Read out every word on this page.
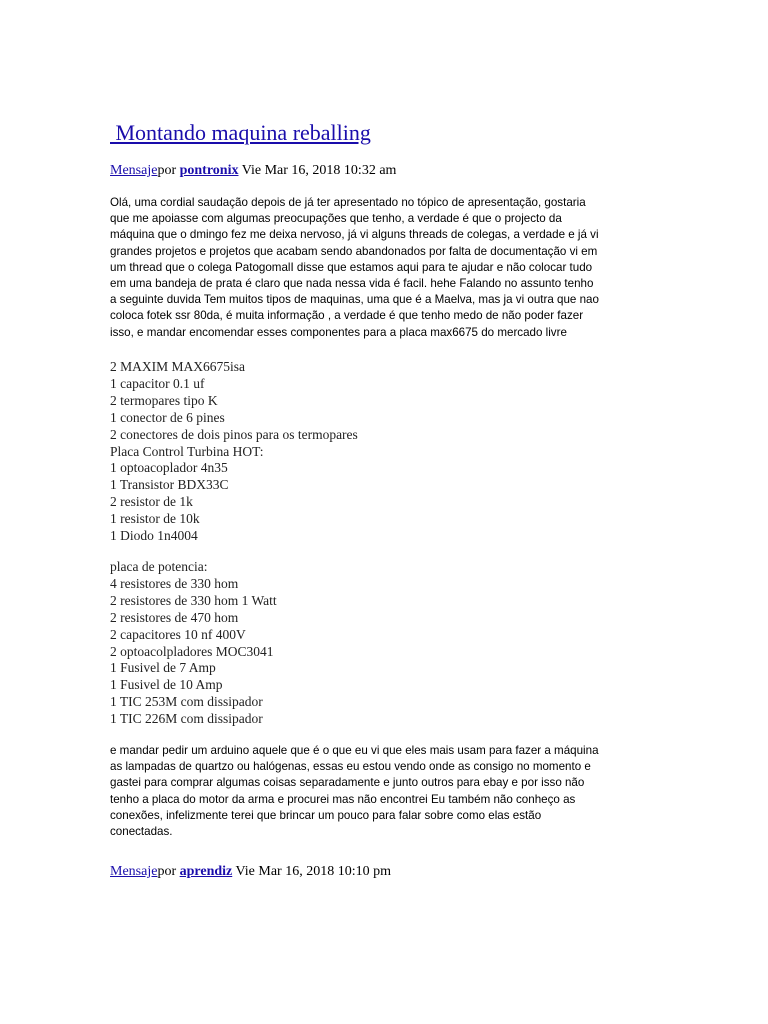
Montando maquina reballing
Mensajepor pontronix Vie Mar 16, 2018 10:32 am

Olá, uma cordial saudação depois de já ter apresentado no tópico de apresentação, gostaria
que me apoiasse com algumas preocupações que tenho, a verdade é que o projecto da
máquina que o dmingo fez me deixa nervoso, já vi alguns threads de colegas, a verdade e já vi
grandes projetos e projetos que acabam sendo abandonados por falta de documentação vi em
um thread que o colega PatogomalI disse que estamos aqui para te ajudar e não colocar tudo
em uma bandeja de prata é claro que nada nessa vida é facil. hehe Falando no assunto tenho
a seguinte duvida Tem muitos tipos de maquinas, uma que é a Maelva, mas ja vi outra que nao
coloca fotek ssr 80da, é muita informação , a verdade é que tenho medo de não poder fazer
isso, e mandar encomendar esses componentes para a placa max6675 do mercado livre

2 MAXIM MAX6675isa
1 capacitor 0.1 uf
2 termopares tipo K
1 conector de 6 pines
2 conectores de dois pinos para os termopares
Placa Control Turbina HOT:
1 optoacoplador 4n35
1 Transistor BDX33C
2 resistor de 1k
1 resistor de 10k
1 Diodo 1n4004
placa de potencia:
4 resistores de 330 hom
2 resistores de 330 hom 1 Watt
2 resistores de 470 hom
2 capacitores 10 nf 400V
2 optoacolpladores MOC3041
1 Fusivel de 7 Amp
1 Fusivel de 10 Amp
1 TIC 253M com dissipador
1 TIC 226M com dissipador

e mandar pedir um arduino aquele que é o que eu vi que eles mais usam para fazer a máquina
as lampadas de quartzo ou halógenas, essas eu estou vendo onde as consigo no momento e
gastei para comprar algumas coisas separadamente e junto outros para ebay e por isso não
tenho a placa do motor da arma e procurei mas não encontrei Eu também não conheço as
conexões, infelizmente terei que brincar um pouco para falar sobre como elas estão
conectadas.

Mensajepor aprendiz Vie Mar 16, 2018 10:10 pm
